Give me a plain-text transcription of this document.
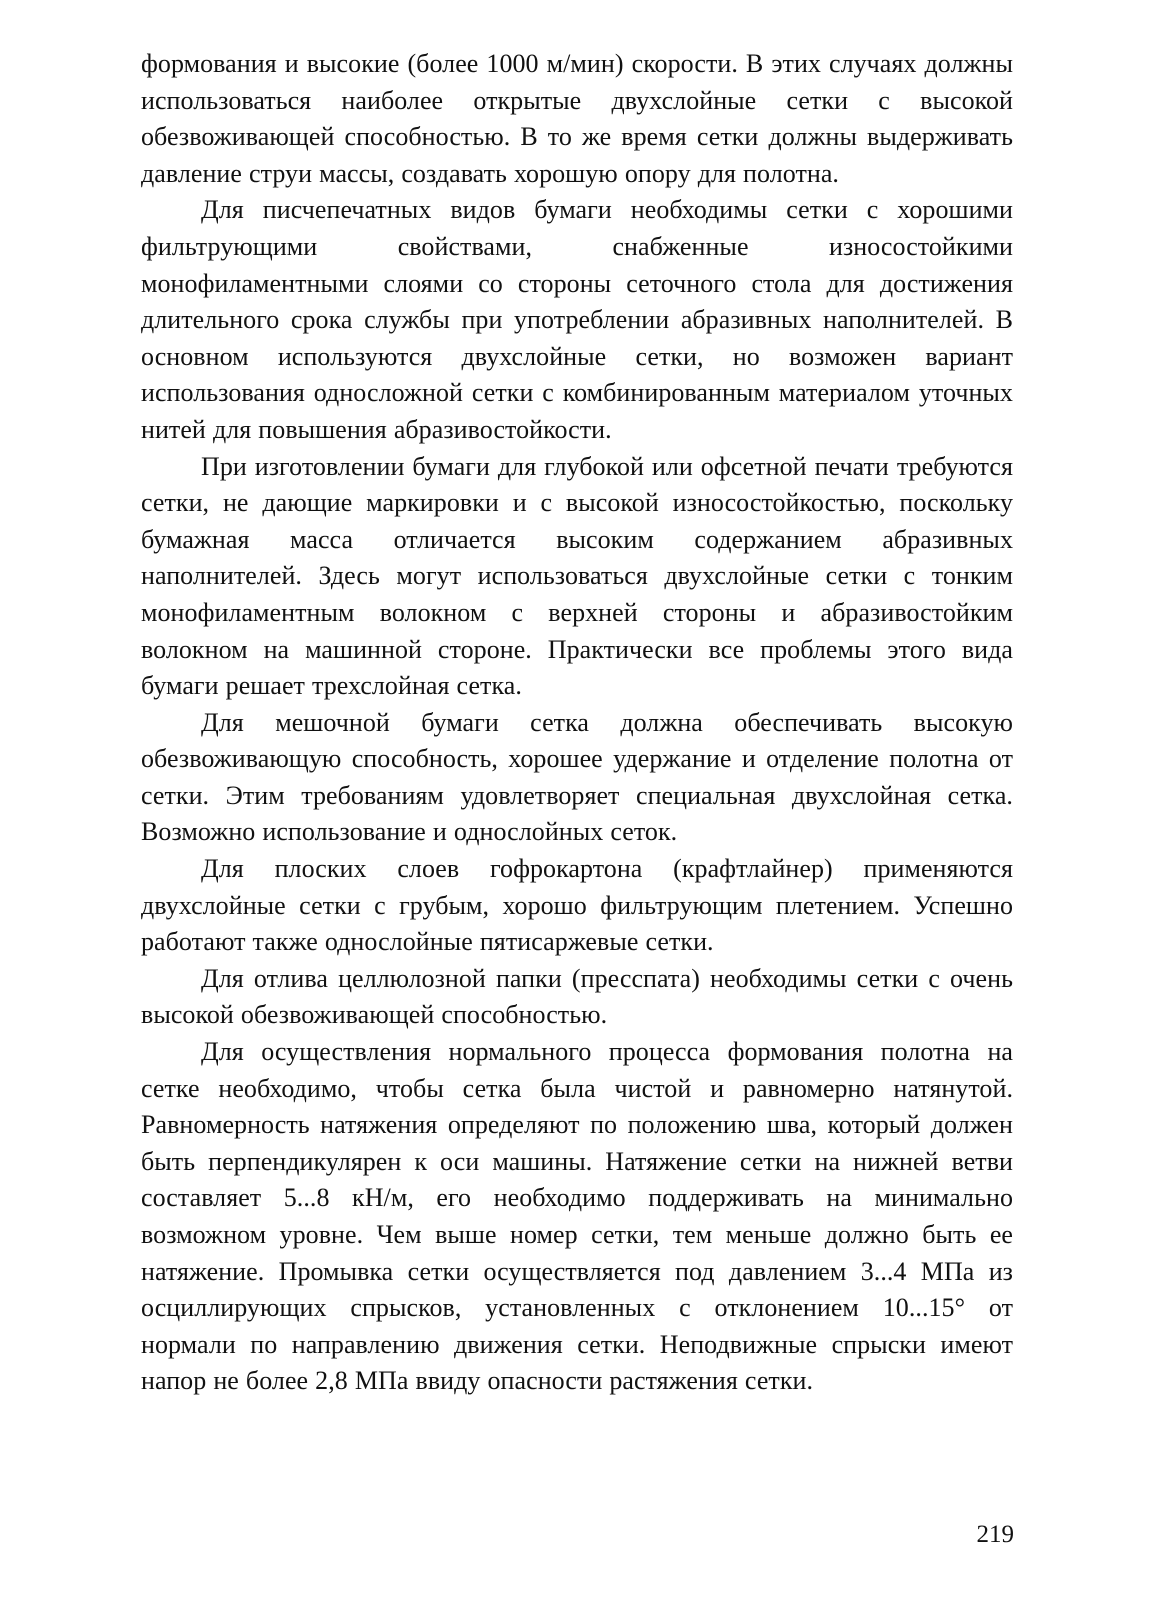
формования и высокие (более 1000 м/мин) скорости. В этих случаях должны использоваться наиболее открытые двухслойные сетки с высокой обезвоживающей способностью. В то же время сетки должны выдерживать давление струи массы, создавать хорошую опору для полотна.

Для писчепечатных видов бумаги необходимы сетки с хорошими фильтрующими свойствами, снабженные износостойкими монофиламентными слоями со стороны сеточного стола для достижения длительного срока службы при употреблении абразивных наполнителей. В основном используются двухслойные сетки, но возможен вариант использования односложной сетки с комбинированным материалом уточных нитей для повышения абразивостойкости.

При изготовлении бумаги для глубокой или офсетной печати требуются сетки, не дающие маркировки и с высокой износостойкостью, поскольку бумажная масса отличается высоким содержанием абразивных наполнителей. Здесь могут использоваться двухслойные сетки с тонким монофиламентным волокном с верхней стороны и абразивостойким волокном на машинной стороне. Практически все проблемы этого вида бумаги решает трехслойная сетка.

Для мешочной бумаги сетка должна обеспечивать высокую обезвоживающую способность, хорошее удержание и отделение полотна от сетки. Этим требованиям удовлетворяет специальная двухслойная сетка. Возможно использование и однослойных сеток.

Для плоских слоев гофрокартона (крафтлайнер) применяются двухслойные сетки с грубым, хорошо фильтрующим плетением. Успешно работают также однослойные пятисаржевые сетки.

Для отлива целлюлозной папки (пресспата) необходимы сетки с очень высокой обезвоживающей способностью.

Для осуществления нормального процесса формования полотна на сетке необходимо, чтобы сетка была чистой и равномерно натянутой. Равномерность натяжения определяют по положению шва, который должен быть перпендикулярен к оси машины. Натяжение сетки на нижней ветви составляет 5...8 кН/м, его необходимо поддерживать на минимально возможном уровне. Чем выше номер сетки, тем меньше должно быть ее натяжение. Промывка сетки осуществляется под давлением 3...4 МПа из осциллирующих спрысков, установленных с отклонением 10...15° от нормали по направлению движения сетки. Неподвижные спрыски имеют напор не более 2,8 МПа ввиду опасности растяжения сетки.

219
